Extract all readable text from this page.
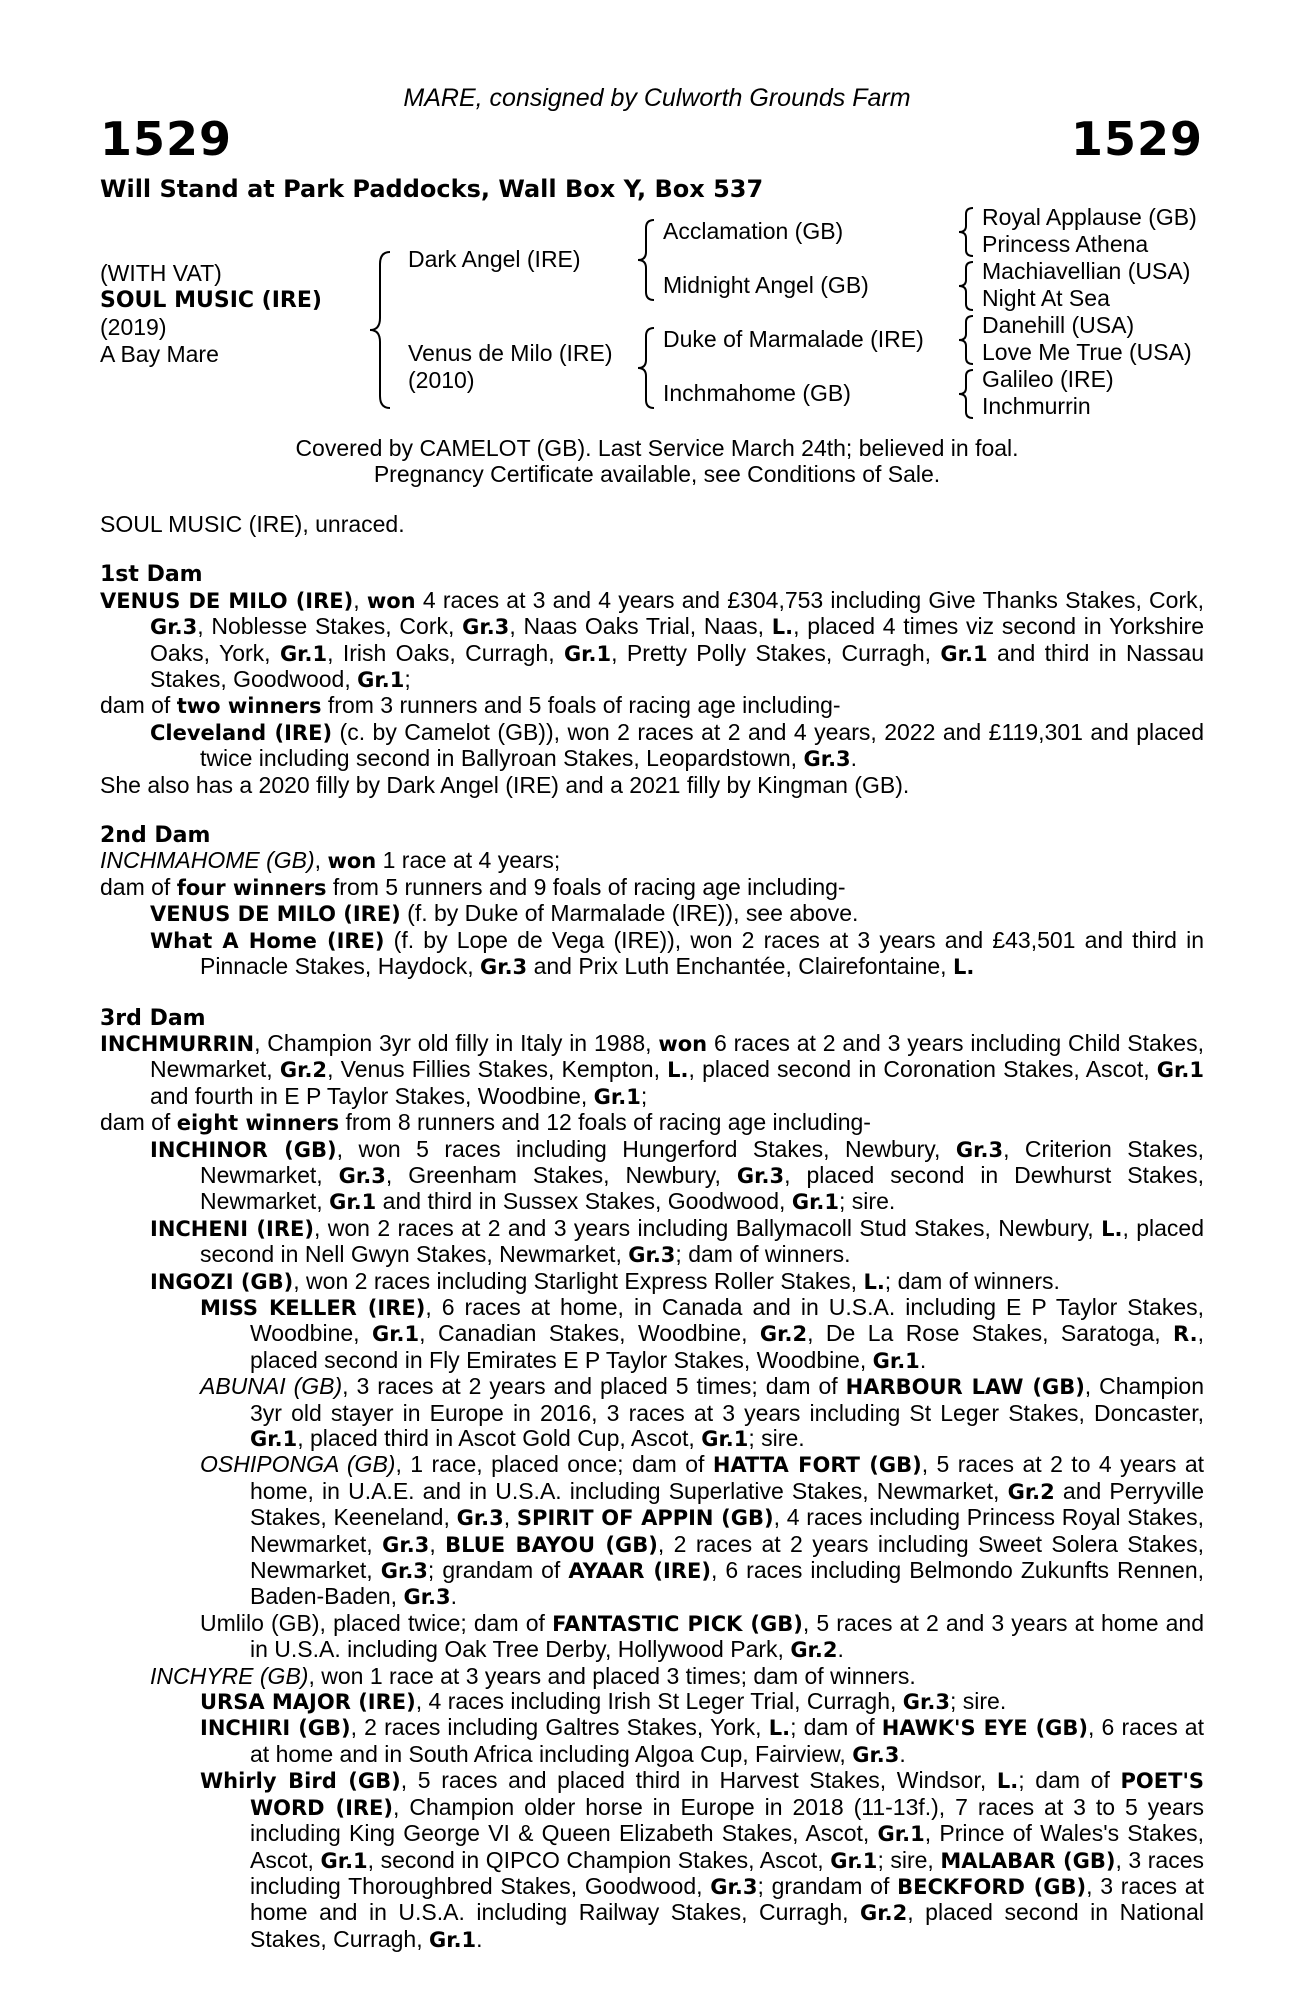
MARE, consigned by Culworth Grounds Farm
1529	1529
Will Stand at Park Paddocks, Wall Box Y, Box 537
(WITH VAT)
SOUL MUSIC (IRE)
(2019)
A Bay Mare
Dark Angel (IRE)
Venus de Milo (IRE)
(2010)
Acclamation (GB)
Midnight Angel (GB)
Duke of Marmalade (IRE)
Inchmahome (GB)
Royal Applause (GB)
Princess Athena
Machiavellian (USA)
Night At Sea
Danehill (USA)
Love Me True (USA)
Galileo (IRE)
Inchmurrin
Covered by CAMELOT (GB). Last Service March 24th; believed in foal.
Pregnancy Certificate available, see Conditions of Sale.

SOUL MUSIC (IRE), unraced.

1st Dam

VENUS DE MILO (IRE), won 4 races at 3 and 4 years and £304,753 including Give Thanks Stakes, Cork, Gr.3, Noblesse Stakes, Cork, Gr.3, Naas Oaks Trial, Naas, L., placed 4 times viz second in Yorkshire Oaks, York, Gr.1, Irish Oaks, Curragh, Gr.1, Pretty Polly Stakes, Curragh, Gr.1 and third in Nassau Stakes, Goodwood, Gr.1;

dam of two winners from 3 runners and 5 foals of racing age including-

Cleveland (IRE) (c. by Camelot (GB)), won 2 races at 2 and 4 years, 2022 and £119,301 and placed twice including second in Ballyroan Stakes, Leopardstown, Gr.3.

She also has a 2020 filly by Dark Angel (IRE) and a 2021 filly by Kingman (GB).

2nd Dam

INCHMAHOME (GB), won 1 race at 4 years;

dam of four winners from 5 runners and 9 foals of racing age including-

VENUS DE MILO (IRE) (f. by Duke of Marmalade (IRE)), see above.

What A Home (IRE) (f. by Lope de Vega (IRE)), won 2 races at 3 years and £43,501 and third in Pinnacle Stakes, Haydock, Gr.3 and Prix Luth Enchantée, Clairefontaine, L.

3rd Dam

INCHMURRIN, Champion 3yr old filly in Italy in 1988, won 6 races at 2 and 3 years including Child Stakes, Newmarket, Gr.2, Venus Fillies Stakes, Kempton, L., placed second in Coronation Stakes, Ascot, Gr.1 and fourth in E P Taylor Stakes, Woodbine, Gr.1;

dam of eight winners from 8 runners and 12 foals of racing age including-

INCHINOR (GB), won 5 races including Hungerford Stakes, Newbury, Gr.3, Criterion Stakes, Newmarket, Gr.3, Greenham Stakes, Newbury, Gr.3, placed second in Dewhurst Stakes, Newmarket, Gr.1 and third in Sussex Stakes, Goodwood, Gr.1; sire.

INCHENI (IRE), won 2 races at 2 and 3 years including Ballymacoll Stud Stakes, Newbury, L., placed second in Nell Gwyn Stakes, Newmarket, Gr.3; dam of winners.

INGOZI (GB), won 2 races including Starlight Express Roller Stakes, L.; dam of winners.

MISS KELLER (IRE), 6 races at home, in Canada and in U.S.A. including E P Taylor Stakes, Woodbine, Gr.1, Canadian Stakes, Woodbine, Gr.2, De La Rose Stakes, Saratoga, R., placed second in Fly Emirates E P Taylor Stakes, Woodbine, Gr.1.

ABUNAI (GB), 3 races at 2 years and placed 5 times; dam of HARBOUR LAW (GB), Champion 3yr old stayer in Europe in 2016, 3 races at 3 years including St Leger Stakes, Doncaster, Gr.1, placed third in Ascot Gold Cup, Ascot, Gr.1; sire.

OSHIPONGA (GB), 1 race, placed once; dam of HATTA FORT (GB), 5 races at 2 to 4 years at home, in U.A.E. and in U.S.A. including Superlative Stakes, Newmarket, Gr.2 and Perryville Stakes, Keeneland, Gr.3, SPIRIT OF APPIN (GB), 4 races including Princess Royal Stakes, Newmarket, Gr.3, BLUE BAYOU (GB), 2 races at 2 years including Sweet Solera Stakes, Newmarket, Gr.3; grandam of AYAAR (IRE), 6 races including Belmondo Zukunfts Rennen, Baden-Baden, Gr.3.

Umlilo (GB), placed twice; dam of FANTASTIC PICK (GB), 5 races at 2 and 3 years at home and in U.S.A. including Oak Tree Derby, Hollywood Park, Gr.2.

INCHYRE (GB), won 1 race at 3 years and placed 3 times; dam of winners.

URSA MAJOR (IRE), 4 races including Irish St Leger Trial, Curragh, Gr.3; sire.

INCHIRI (GB), 2 races including Galtres Stakes, York, L.; dam of HAWK'S EYE (GB), 6 races at at home and in South Africa including Algoa Cup, Fairview, Gr.3.

Whirly Bird (GB), 5 races and placed third in Harvest Stakes, Windsor, L.; dam of POET'S WORD (IRE), Champion older horse in Europe in 2018 (11-13f.), 7 races at 3 to 5 years including King George VI & Queen Elizabeth Stakes, Ascot, Gr.1, Prince of Wales's Stakes, Ascot, Gr.1, second in QIPCO Champion Stakes, Ascot, Gr.1; sire, MALABAR (GB), 3 races including Thoroughbred Stakes, Goodwood, Gr.3; grandam of BECKFORD (GB), 3 races at home and in U.S.A. including Railway Stakes, Curragh, Gr.2, placed second in National Stakes, Curragh, Gr.1.
